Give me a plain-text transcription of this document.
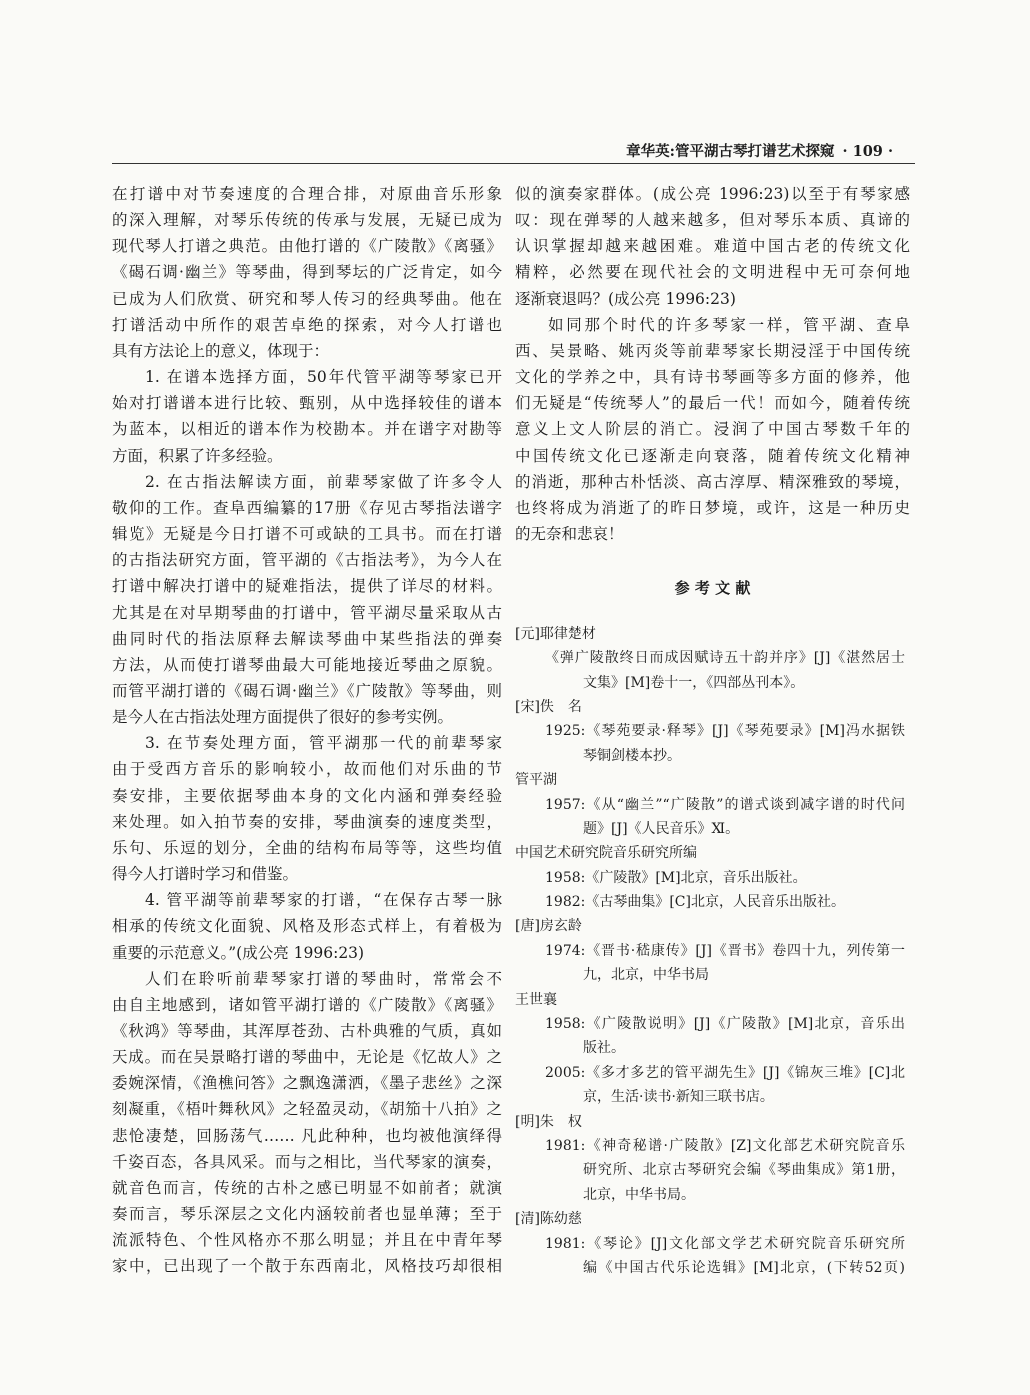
章华英:管平湖古琴打谱艺术探窥 · 109 ·
在打谱中对节奏速度的合理合排，对原曲音乐形象
的深入理解，对琴乐传统的传承与发展，无疑已成为
现代琴人打谱之典范。由他打谱的《广陵散》《离骚》
《碣石调·幽兰》等琴曲，得到琴坛的广泛肯定，如今
已成为人们欣赏、研究和琴人传习的经典琴曲。他在
打谱活动中所作的艰苦卓绝的探索，对今人打谱也
具有方法论上的意义，体现于：
1. 在谱本选择方面，50年代管平湖等琴家已开
始对打谱谱本进行比较、甄别，从中选择较佳的谱本
为蓝本，以相近的谱本作为校勘本。并在谱字对勘等
方面，积累了许多经验。
2. 在古指法解读方面，前辈琴家做了许多令人
敬仰的工作。查阜西编纂的17册《存见古琴指法谱字
辑览》无疑是今日打谱不可或缺的工具书。而在打谱
的古指法研究方面，管平湖的《古指法考》，为今人在
打谱中解决打谱中的疑难指法，提供了详尽的材料。
尤其是在对早期琴曲的打谱中，管平湖尽量采取从古
曲同时代的指法原释去解读琴曲中某些指法的弹奏
方法，从而使打谱琴曲最大可能地接近琴曲之原貌。
而管平湖打谱的《碣石调·幽兰》《广陵散》等琴曲，则
是今人在古指法处理方面提供了很好的参考实例。
3. 在节奏处理方面，管平湖那一代的前辈琴家
由于受西方音乐的影响较小，故而他们对乐曲的节
奏安排，主要依据琴曲本身的文化内涵和弹奏经验
来处理。如入拍节奏的安排，琴曲演奏的速度类型，
乐句、乐逗的划分，全曲的结构布局等等，这些均值
得今人打谱时学习和借鉴。
4. 管平湖等前辈琴家的打谱，“在保存古琴一脉
相承的传统文化面貌、风格及形态式样上，有着极为
重要的示范意义。”(成公亮 1996:23)
人们在聆听前辈琴家打谱的琴曲时，常常会不
由自主地感到，诸如管平湖打谱的《广陵散》《离骚》
《秋鸿》等琴曲，其浑厚苍劲、古朴典雅的气质，真如
天成。而在吴景略打谱的琴曲中，无论是《忆故人》之
委婉深情，《渔樵问答》之飘逸潇洒，《墨子悲丝》之深
刻凝重，《梧叶舞秋风》之轻盈灵动，《胡笳十八拍》之
悲怆凄楚，回肠荡气…… 凡此种种，也均被他演绎得
千姿百态，各具风采。而与之相比，当代琴家的演奏，
就音色而言，传统的古朴之感已明显不如前者；就演
奏而言，琴乐深层之文化内涵较前者也显单薄；至于
流派特色、个性风格亦不那么明显；并且在中青年琴
家中，已出现了一个散于东西南北，风格技巧却很相
似的演奏家群体。(成公亮 1996:23)以至于有琴家感
叹：现在弹琴的人越来越多，但对琴乐本质、真谛的
认识掌握却越来越困难。难道中国古老的传统文化
精粹，必然要在现代社会的文明进程中无可奈何地
逐渐衰退吗？(成公亮 1996:23)
如同那个时代的许多琴家一样，管平湖、查阜
西、吴景略、姚丙炎等前辈琴家长期浸淫于中国传统
文化的学养之中，具有诗书琴画等多方面的修养，他
们无疑是“传统琴人”的最后一代！而如今，随着传统
意义上文人阶层的消亡。浸润了中国古琴数千年的
中国传统文化已逐渐走向衰落，随着传统文化精神
的消逝，那种古朴恬淡、高古淳厚、精深雅致的琴境，
也终将成为消逝了的昨日梦境，或许，这是一种历史
的无奈和悲哀！
参 考 文 献
[元]耶律楚材
《弹广陵散终日而成因赋诗五十韵并序》[J]《湛然居士
文集》[M]卷十一，《四部丛刊本》。
[宋]佚　名
1925:《琴苑要录·释琴》[J]《琴苑要录》[M]冯水据铁
琴铜剑楼本抄。
管平湖
1957:《从“幽兰”“广陵散”的谱式谈到减字谱的时代问
题》[J]《人民音乐》Ⅺ。
中国艺术研究院音乐研究所编
1958:《广陵散》[M]北京，音乐出版社。
1982:《古琴曲集》[C]北京，人民音乐出版社。
[唐]房玄龄
1974:《晋书·嵇康传》[J]《晋书》卷四十九，列传第一
九，北京，中华书局
王世襄
1958:《广陵散说明》[J]《广陵散》[M]北京，音乐出
版社。
2005:《多才多艺的管平湖先生》[J]《锦灰三堆》[C]北
京，生活·读书·新知三联书店。
[明]朱　权
1981:《神奇秘谱·广陵散》[Z]文化部艺术研究院音乐
研究所、北京古琴研究会编《琴曲集成》第1册，
北京，中华书局。
[清]陈幼慈
1981:《琴论》[J]文化部文学艺术研究院音乐研究所
编《中国古代乐论选辑》[M]北京，(下转52页)
